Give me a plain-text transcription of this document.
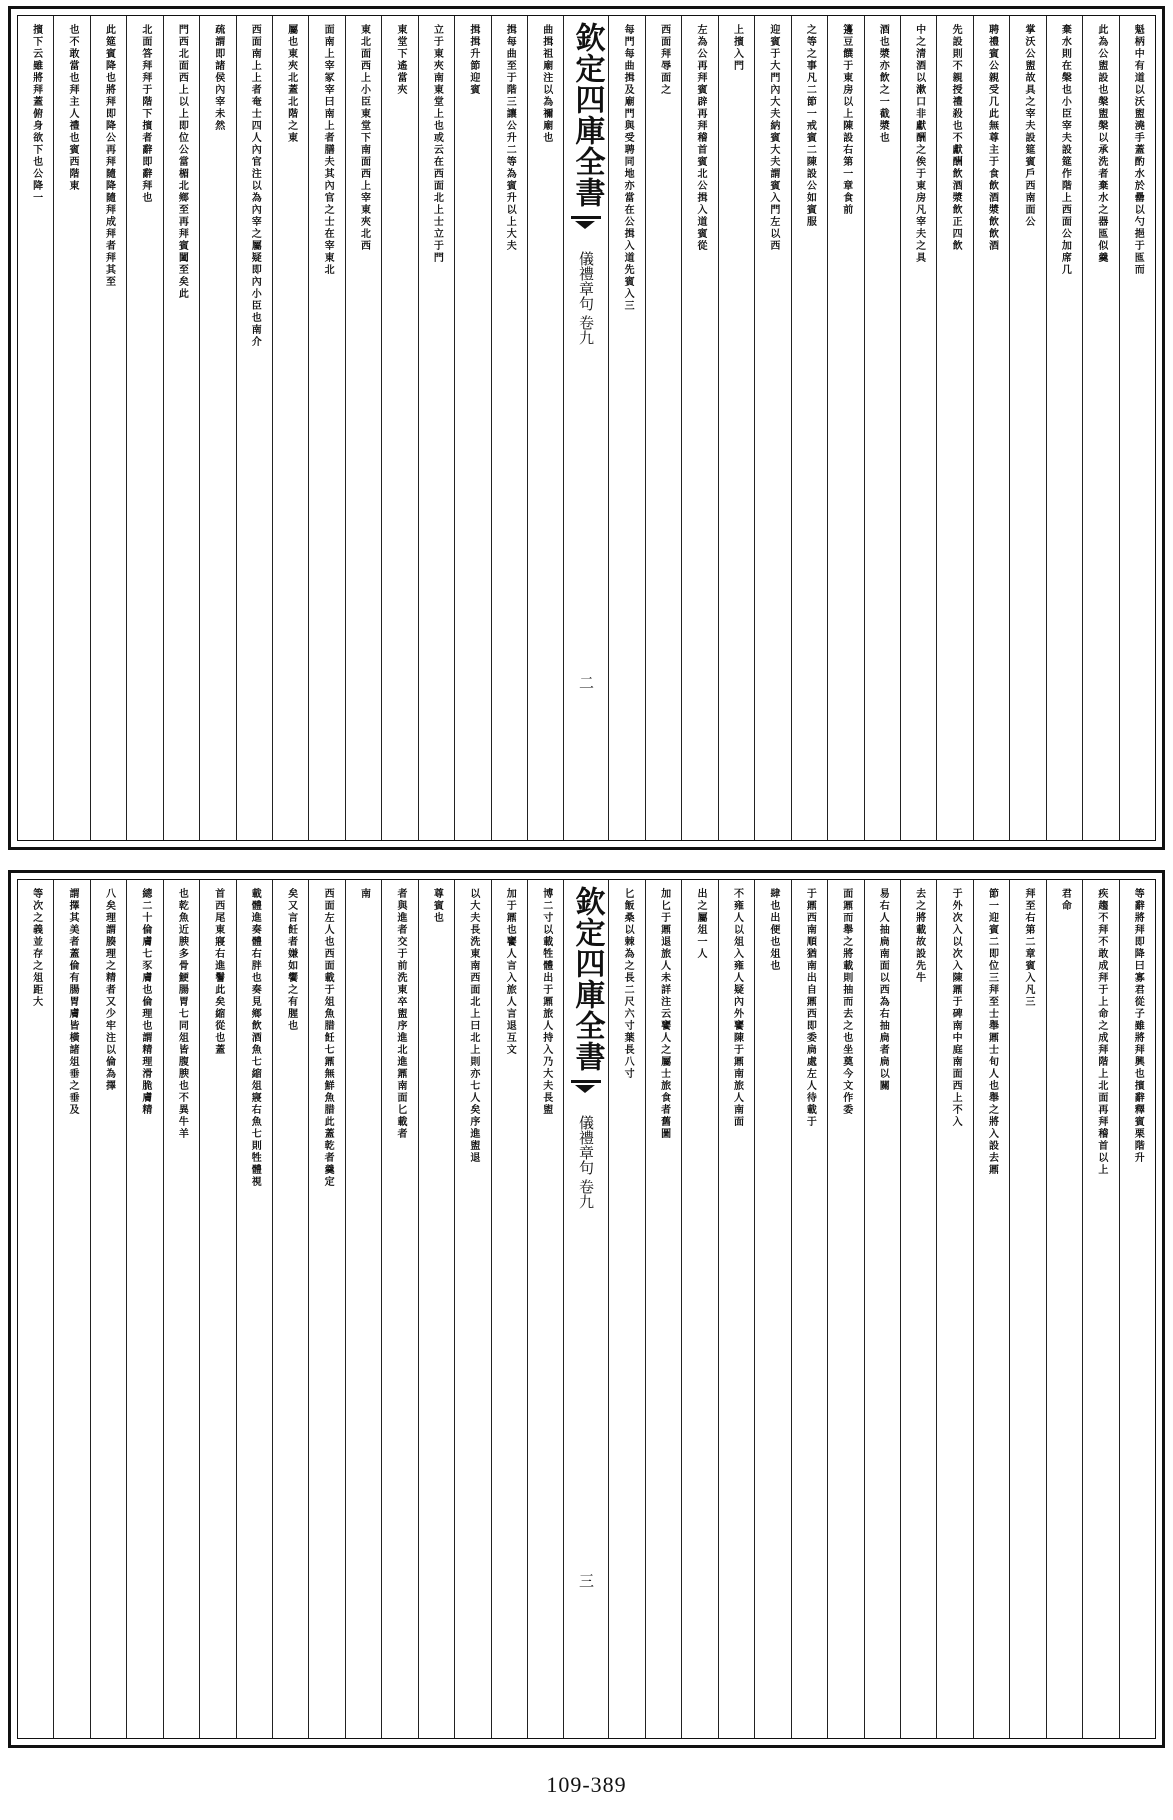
魁柄中有道以沃盥澆手蓋酌水於罍以勺挹于匜而
此為公盥設也槃盥槃以承洗者棄水之器匜似羹
棄水則在槃也小臣宰夫設筵作階上西面公加席几
掌沃公盥故具之宰夫設筵賓戶西南面公
聘禮賓公親受几此無尊主于食飲酒漿飲飲酒
先設則不親授禮殺也不獻酬飲酒漿飲正四飲
中之清酒以漱口非獻酬之俟于東房凡宰夫之具
酒也漿亦飲之一截漿也
籩豆饌于東房以上陳設右第一章食前
之等之事凡二節一戒賓二陳設公如賓服
迎賓于大門內大夫納賓大夫謂賓入門左以西
上擯入門
左為公再拜賓辟再拜稽首賓北公揖入道賓從
西面拜辱面之
每門每曲揖及廟門與受聘同地亦當在公揖入道先賓入三
欽定四庫全書
儀禮章句
卷九
二
曲揖祖廟注以為禰廟也
揖每曲至于階三讓公升二等為賓升以上大夫
揖揖升節迎賓
立于東夾南東堂上也或云在西面北上士立于門
東堂下遙當夾
東北面西上小臣東堂下南面西上宰東夾北西
面南上宰冢宰曰南上者膳夫其內官之士在宰東北
屬也東夾北蓋北階之東
西面南上上者奄士四人內官注以為內宰之屬疑即內小臣也南介
疏謂即諸侯內宰未然
門西北面西上以上即位公當楣北鄉至再拜賓闔至矣此
北面答拜拜于階下擯者辭即辭拜也
此筵賓降也將拜即降公再拜隨降隨拜成拜者拜其至
也不敢當也拜主人禮也賓西階東
擯下云雖將拜蓋俯身欲下也公降一
等辭將拜即降曰寡君從子雖將拜興也擯辭釋賓栗階升
疾趨不拜不敢成拜于上命之成拜階上北面再拜稽首以上
君命
拜至右第二章賓入凡三
節一迎賓二即位三拜至士舉鼏士旬人也舉之將入設去鼏
于外次入以次入陳鼏于碑南中庭南面西上不入
去之將載故設先牛
易右人抽扃南面以西為右抽扃者扃以關
面鼏而舉之將載則抽而去之也坐奠今文作委
于鼏西南順猶南出自鼏西即委扃處左人待載于
肆也出便也俎也
不雍人以俎入雍人疑內外饔陳于鼏南旅人南面
出之屬俎一人
加匕于鼏退旅人未詳注云饔人之屬士旅食者舊圖
匕飯桑以棘為之長二尺六寸葉長八寸
欽定四庫全書
儀禮章句
卷九
三
博二寸以載牲體出于鼏旅人持入乃大夫長盥
加于鼏也饔人言入旅人言退互文
以大夫長洗東南西面北上曰北上則亦七人矣序進盥退
尊賓也
者與進者交于前洗東卒盥序進北進鼏南面匕載者
南
西面左人也西面載于俎魚腊飪七鼏無鮮魚腊此蓋乾者羹定
矣又言飪者嫌如饗之有腥也
載體進奏體右胖也奏見鄉飲酒魚七縮俎寢右魚七則牲體視
首西尾東寢右進鬐此矣縮從也蓋
也乾魚近腴多骨鯁腸胃七同俎皆腹腴也不異牛羊
總二十倫膚七豕膚也倫理也謂精理滑脆膚精
八矣理謂腠理之精者又少牢注以倫為擇
謂擇其美者蓋倫有腸胃膚皆橫諸俎垂之垂及
等次之義並存之俎距大
109-389
